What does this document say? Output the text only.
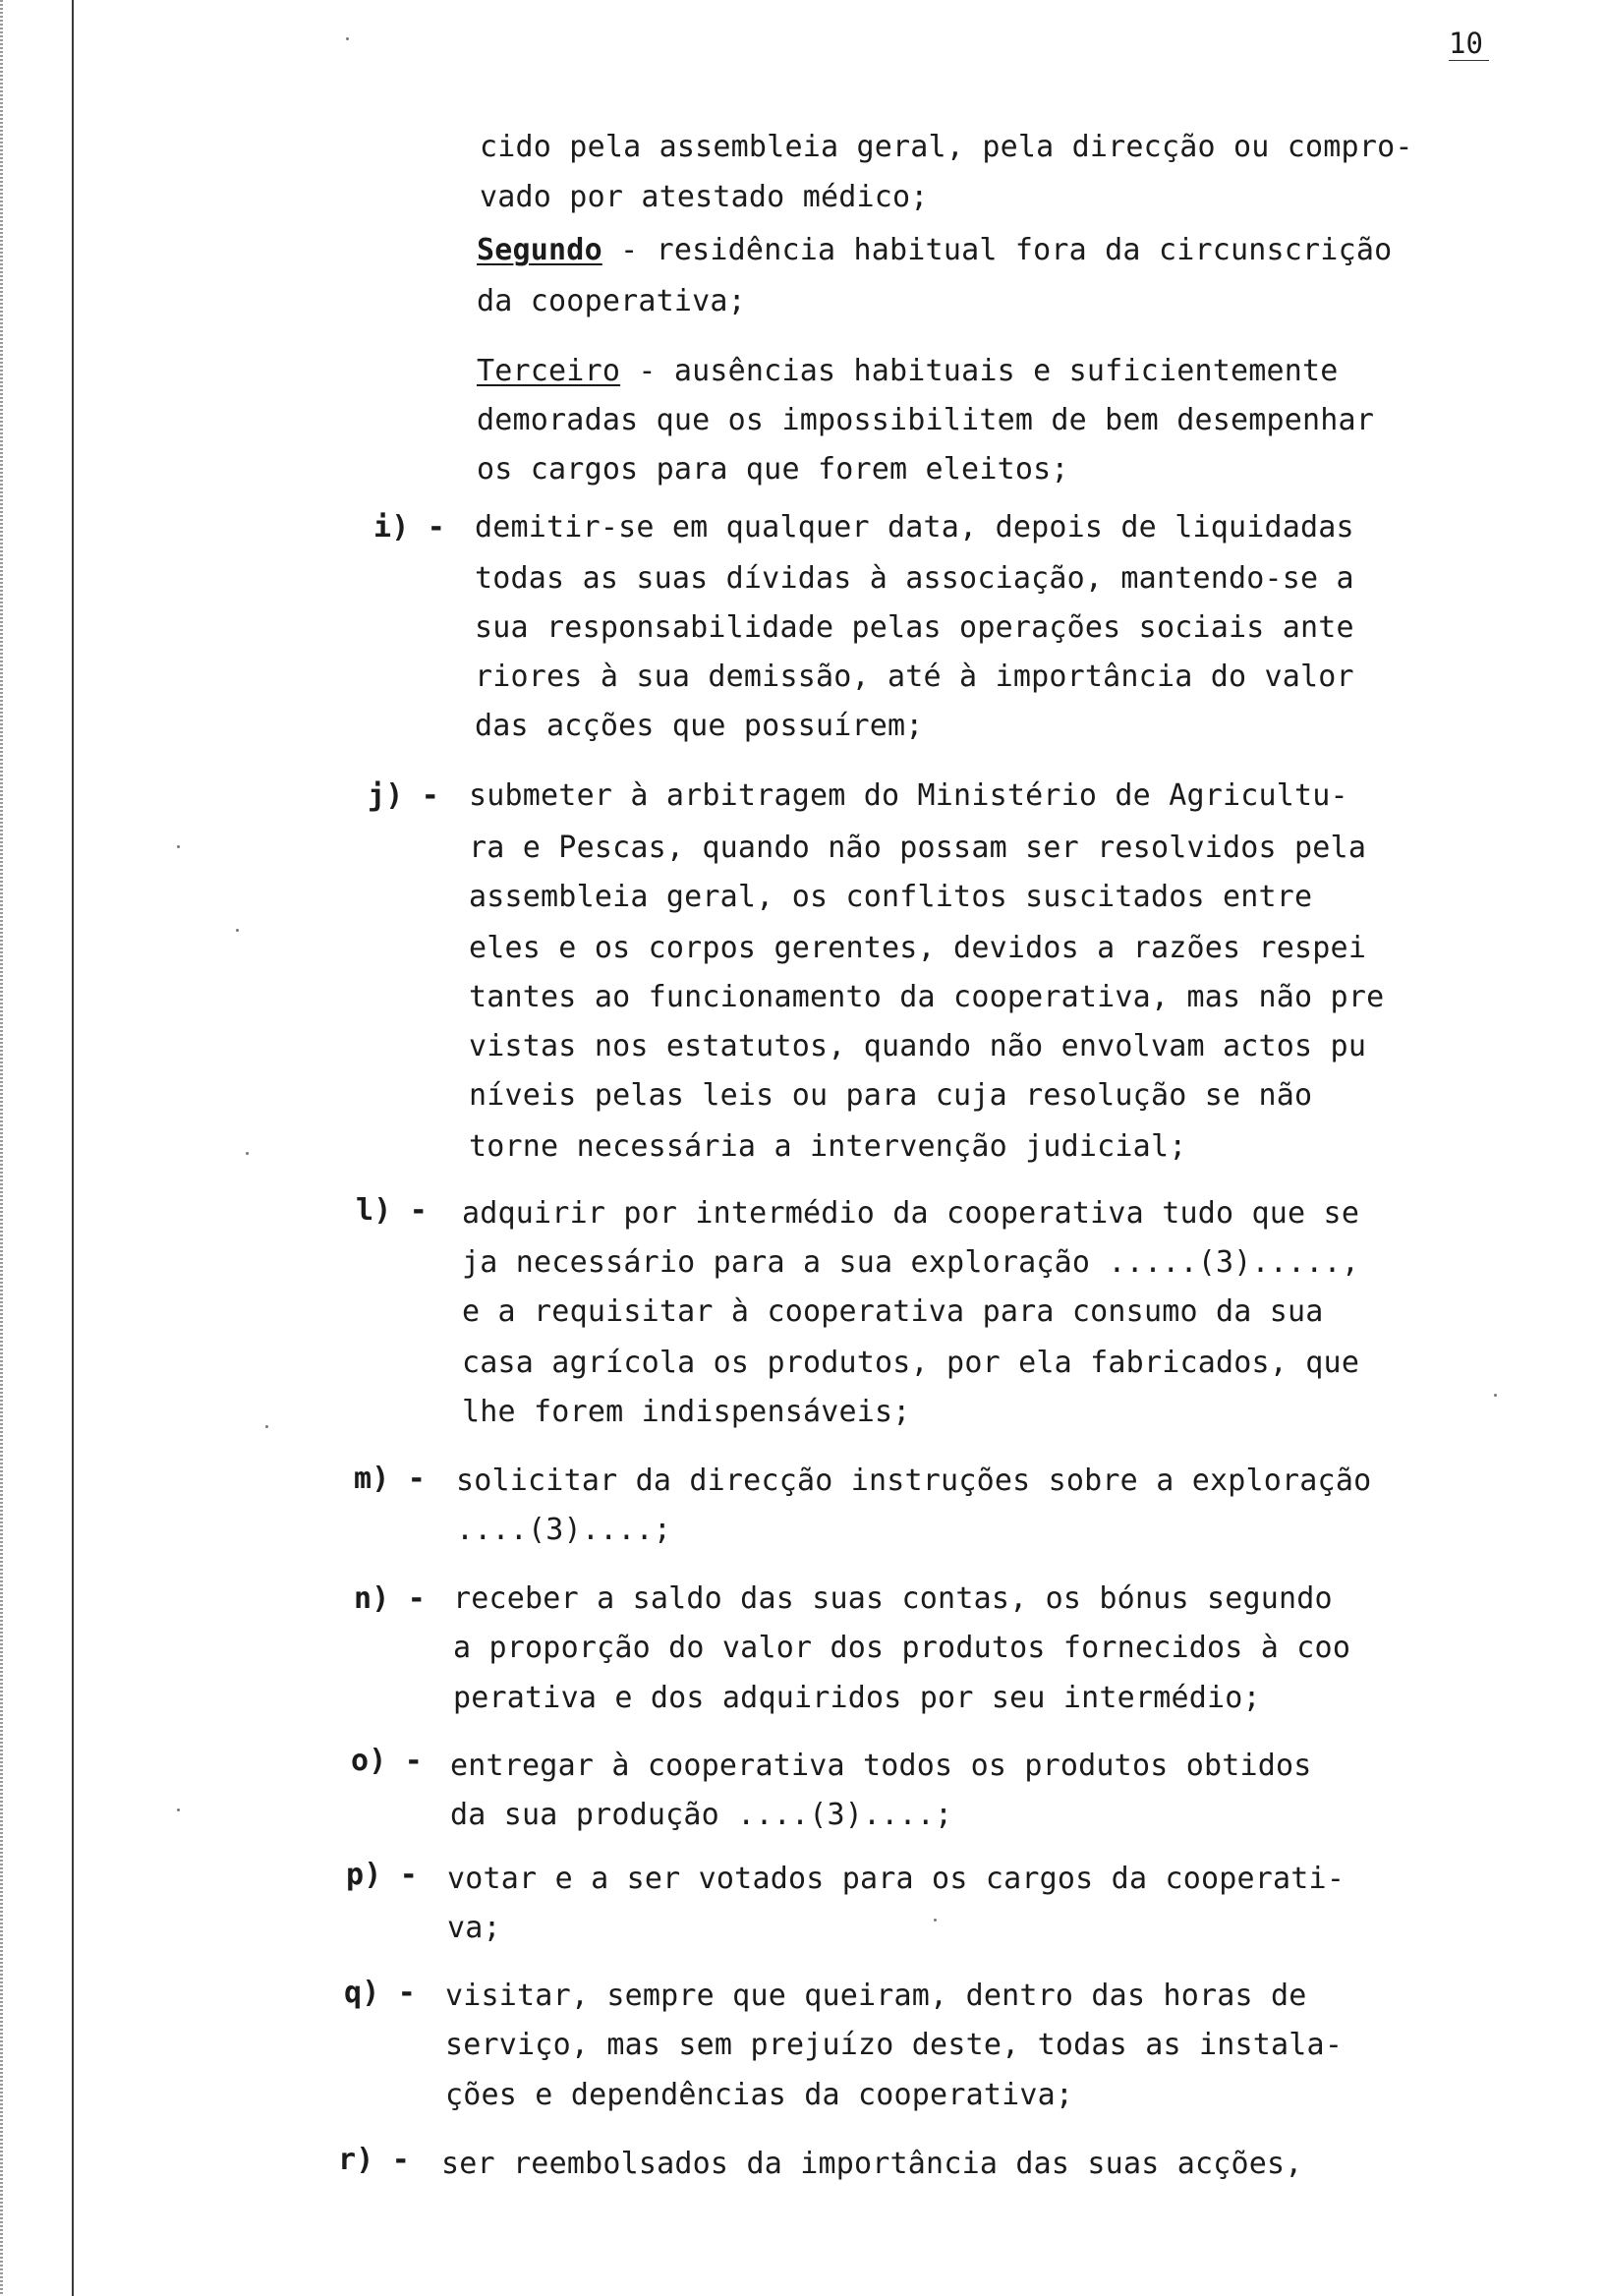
10
cido pela assembleia geral, pela direcção ou compro-
vado por atestado médico;
Segundo - residência habitual fora da circunscrição
da cooperativa;
Terceiro - ausências habituais e suficientemente
demoradas que os impossibilitem de bem desempenhar
os cargos para que forem eleitos;
i) - demitir-se em qualquer data, depois de liquidadas
todas as suas dívidas à associação, mantendo-se a
sua responsabilidade pelas operações sociais ante
riores à sua demissão, até à importância do valor
das acções que possuírem;
j) - submeter à arbitragem do Ministério de Agricultu-
ra e Pescas, quando não possam ser resolvidos pela
assembleia geral, os conflitos suscitados entre
eles e os corpos gerentes, devidos a razões respei
tantes ao funcionamento da cooperativa, mas não pre
vistas nos estatutos, quando não envolvam actos pu
níveis pelas leis ou para cuja resolução se não
torne necessária a intervenção judicial;
l) - adquirir por intermédio da cooperativa tudo que se
ja necessário para a sua exploração .....(3).....,
e a requisitar à cooperativa para consumo da sua
casa agrícola os produtos, por ela fabricados, que
lhe forem indispensáveis;
m) - solicitar da direcção instruções sobre a exploração
....(3)....;
n) - receber a saldo das suas contas, os bónus segundo
a proporção do valor dos produtos fornecidos à coo
perativa e dos adquiridos por seu intermédio;
o) - entregar à cooperativa todos os produtos obtidos
da sua produção ....(3)....;
p) - votar e a ser votados para os cargos da cooperati-
va;
q) - visitar, sempre que queiram, dentro das horas de
serviço, mas sem prejuízo deste, todas as instala-
ções e dependências da cooperativa;
r) - ser reembolsados da importância das suas acções,
